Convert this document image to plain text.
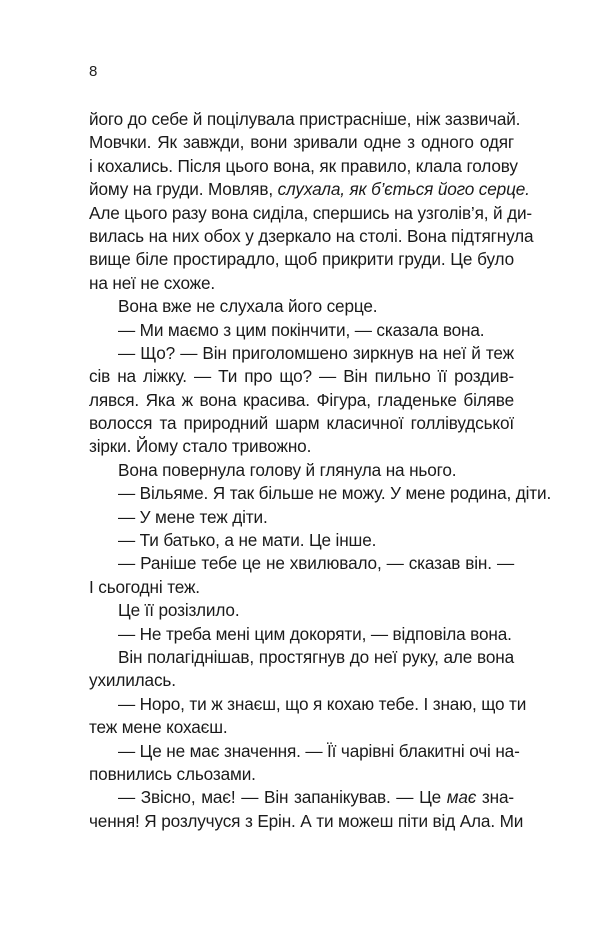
8
його до себе й поцілувала пристрасніше, ніж зазвичай.
Мовчки. Як завжди, вони зривали одне з одного одяг
і кохались. Після цього вона, як правило, клала голову
йому на груди. Мовляв, слухала, як б’ється його серце.
Але цього разу вона сиділа, спершись на узголів’я, й ди-
вилась на них обох у дзеркало на столі. Вона підтягнула
вище біле простирадло, щоб прикрити груди. Це було
на неї не схоже.
Вона вже не слухала його серце.
— Ми маємо з цим покінчити, — сказала вона.
— Що? — Він приголомшено зиркнув на неї й теж
сів на ліжку. — Ти про що? — Він пильно її роздив-
лявся. Яка ж вона красива. Фігура, гладеньке біляве
волосся та природний шарм класичної голлівудської
зірки. Йому стало тривожно.
Вона повернула голову й глянула на нього.
— Вільяме. Я так більше не можу. У мене родина, діти.
— У мене теж діти.
— Ти батько, а не мати. Це інше.
— Раніше тебе це не хвилювало, — сказав він. —
І сьогодні теж.
Це її розізлило.
— Не треба мені цим докоряти, — відповіла вона.
Він полагіднішав, простягнув до неї руку, але вона
ухилилась.
— Норо, ти ж знаєш, що я кохаю тебе. І знаю, що ти
теж мене кохаєш.
— Це не має значення. — Її чарівні блакитні очі на-
повнились сльозами.
— Звісно, має! — Він запанікував. — Це має зна-
чення! Я розлучуся з Ерін. А ти можеш піти від Ала. Ми
